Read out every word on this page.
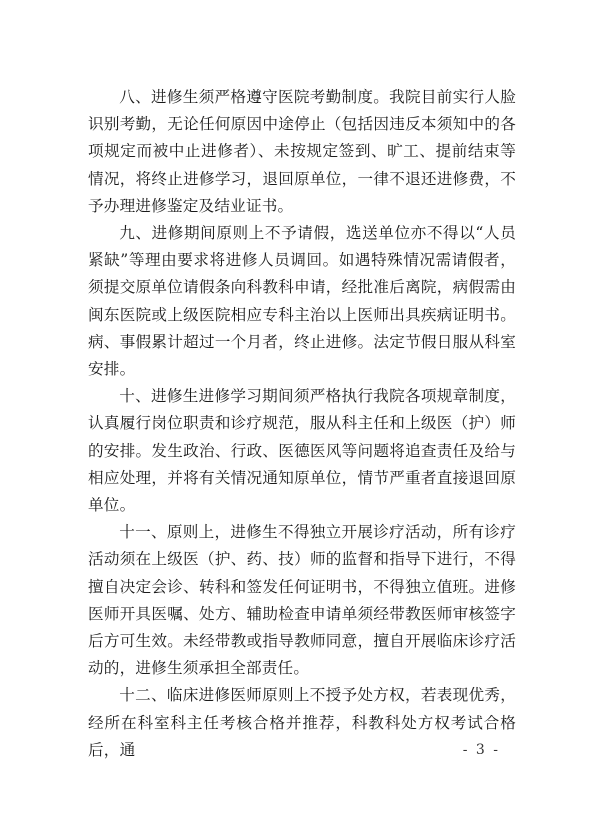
八、进修生须严格遵守医院考勤制度。我院目前实行人脸识别考勤，无论任何原因中途停止（包括因违反本须知中的各项规定而被中止进修者）、未按规定签到、旷工、提前结束等情况，将终止进修学习，退回原单位，一律不退还进修费，不予办理进修鉴定及结业证书。

九、进修期间原则上不予请假，选送单位亦不得以“人员紧缺”等理由要求将进修人员调回。如遇特殊情况需请假者，须提交原单位请假条向科教科申请，经批准后离院，病假需由闽东医院或上级医院相应专科主治以上医师出具疾病证明书。病、事假累计超过一个月者，终止进修。法定节假日服从科室安排。

十、进修生进修学习期间须严格执行我院各项规章制度，认真履行岗位职责和诊疗规范，服从科主任和上级医（护）师的安排。发生政治、行政、医德医风等问题将追查责任及给与相应处理，并将有关情况通知原单位，情节严重者直接退回原单位。

十一、原则上，进修生不得独立开展诊疗活动，所有诊疗活动须在上级医（护、药、技）师的监督和指导下进行，不得擅自决定会诊、转科和签发任何证明书，不得独立值班。进修医师开具医嘱、处方、辅助检查申请单须经带教医师审核签字后方可生效。未经带教或指导教师同意，擅自开展临床诊疗活动的，进修生须承担全部责任。

十二、临床进修医师原则上不授予处方权，若表现优秀，经所在科室科主任考核合格并推荐，科教科处方权考试合格后，通	- 3 -
